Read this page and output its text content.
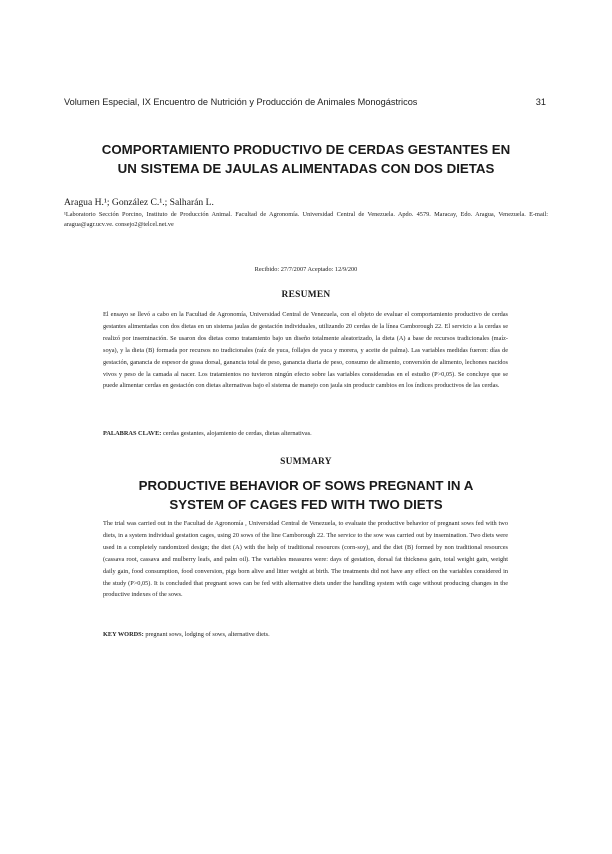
Volumen Especial, IX Encuentro de Nutrición y Producción de Animales Monogástricos	31
COMPORTAMIENTO PRODUCTIVO DE CERDAS GESTANTES EN
UN SISTEMA DE JAULAS ALIMENTADAS CON DOS DIETAS
Aragua H.¹; González C.¹.; Salharán L.
¹Laboratorio Sección Porcino, Instituto de Producción Animal. Facultad de Agronomía. Universidad Central de Venezuela. Apdo. 4579. Maracay, Edo. Aragua, Venezuela. E-mail: aragua@agr.ucv.ve. consejo2@telcel.net.ve
Recibido: 27/7/2007 Aceptado: 12/9/200
RESUMEN

El ensayo se llevó a cabo en la Facultad de Agronomía, Universidad Central de Venezuela, con el objeto de evaluar el comportamiento productivo de cerdas gestantes alimentadas con dos dietas en un sistema jaulas de gestación individuales, utilizando 20 cerdas de la línea Camborough 22. El servicio a la cerdas se realizó por inseminación. Se usaron dos dietas como tratamiento bajo un diseño totalmente aleatorizado, la dieta (A) a base de recursos tradicionales (maíz-soya), y la dieta (B) formada por recursos no tradicionales (raíz de yuca, follajes de yuca y morera, y aceite de palma). Las variables medidas fueron: días de gestación, ganancia de espesor de grasa dorsal, ganancia total de peso, ganancia diaria de peso, consumo de alimento, conversión de alimento, lechones nacidos vivos y peso de la camada al nacer. Los tratamientos no tuvieron ningún efecto sobre las variables consideradas en el estudio (P>0,05). Se concluye que se puede alimentar cerdas en gestación con dietas alternativas bajo el sistema de manejo con jaula sin producir cambios en los índices productivos de las cerdas.

PALABRAS CLAVE: cerdas gestantes, alojamiento de cerdas, dietas alternativas.
SUMMARY
PRODUCTIVE BEHAVIOR OF SOWS PREGNANT IN A
SYSTEM OF CAGES FED WITH TWO DIETS

The trial was carried out in the Facultad de Agronomía , Universidad Central de Venezuela, to evaluate the productive behavior of pregnant sows fed with two diets, in a system individual gestation cages, using 20 sows of the line Camborough 22. The service to the sow was carried out by insemination. Two diets were used in a completely randomized design; the diet (A) with the help of traditional resources (corn-soy), and the diet (B) formed by non traditional resources (cassava root, cassava and mulberry leafs, and palm oil). The variables measures were: days of gestation, dorsal fat thickness gain, total weight gain, weight daily gain, food consumption, food conversion, pigs born alive and litter weight at birth. The treatments did not have any effect on the variables considered in the study (P>0,05). It is concluded that pregnant sows can be fed with alternative diets under the handling system with cage without producing changes in the productive indexes of the sows.

KEY WORDS: pregnant sows, lodging of sows, alternative diets.
